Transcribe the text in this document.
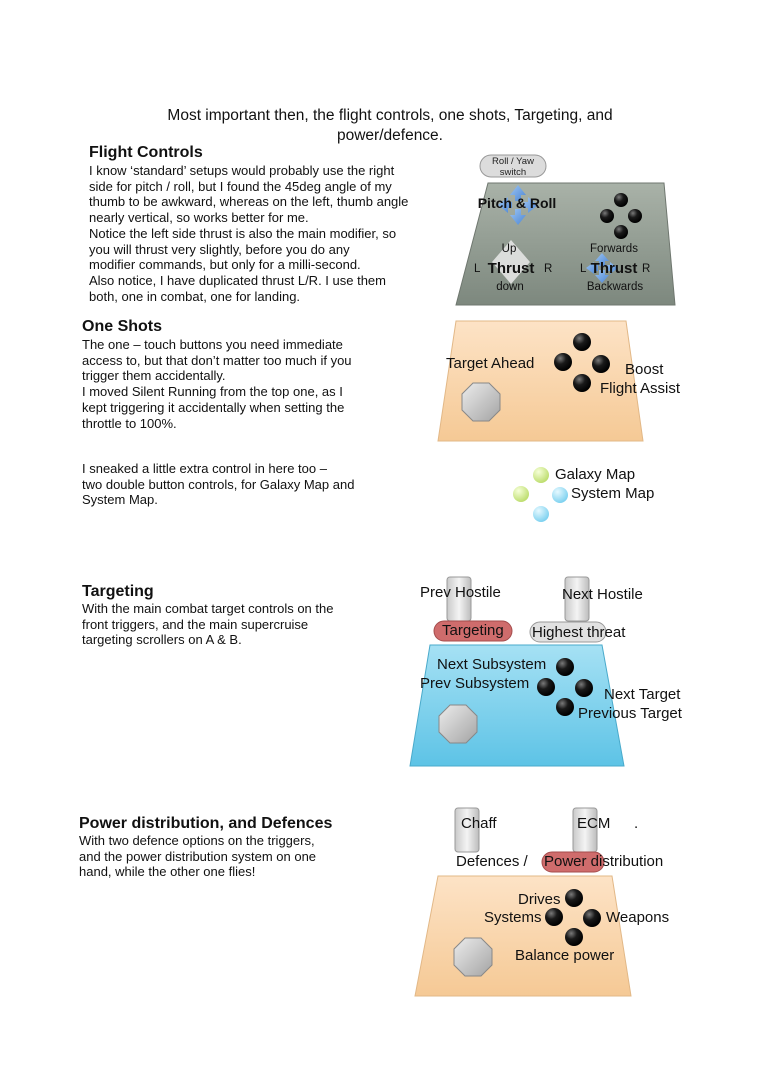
Most important then, the flight controls, one shots, Targeting, and
power/defence.
Flight Controls
I know ‘standard’ setups would probably use the right
side for pitch / roll, but I found the 45deg angle of my
thumb to be awkward, whereas on the left, thumb angle
nearly vertical, so works better for me.
Notice the left side thrust is also the main modifier, so
you will thrust very slightly, before you do any
modifier commands, but only for a milli-second.
Also notice, I have duplicated thrust L/R. I use them
both, one in combat, one for landing.
One Shots
The one – touch buttons you need immediate
access to, but that don’t matter too much if you
trigger them accidentally.
I moved Silent Running from the top one, as I
kept triggering it accidentally when setting the
throttle to 100%.
I sneaked a little extra control in here too –
two double button controls, for Galaxy Map and
System Map.
Targeting
With the main combat target controls on the
front triggers, and the main supercruise
targeting scrollers on A & B.
Power distribution, and Defences
With two defence options on the triggers,
and the power distribution system on one
hand, while the other one flies!
Roll / Yaw
switch
Pitch & Roll
Up
L Thrust R
down
Forwards
L Thrust R
Backwards
Target Ahead	Boost
Flight Assist
Galaxy Map
System Map
Prev Hostile	Next Hostile
Targeting Highest threat
Next Subsystem
Prev Subsystem
Next Target
Previous Target
Chaff	ECM .
Defences / Power distribution
Drives
Systems	Weapons
Balance power
